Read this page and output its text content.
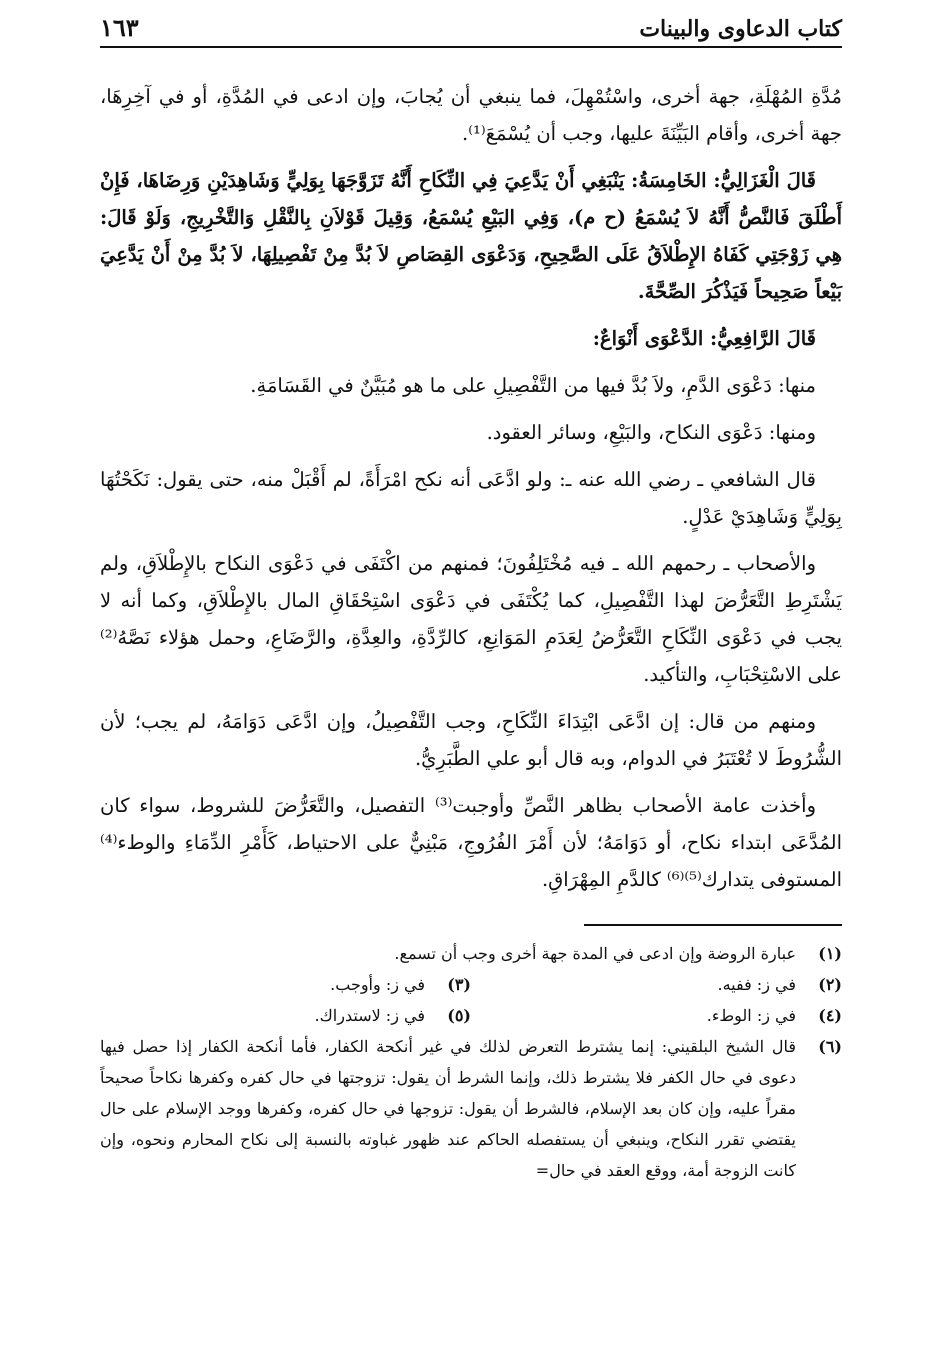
كتاب الدعاوى والبينات
١٦٣

مُدَّةِ المُهْلَةِ، جهة أخرى، واسْتُمْهِلَ، فما ينبغي أن يُجابَ، وإن ادعى في المُدَّةِ، أو في آخِرِهَا، جهة أخرى، وأقام البَيِّنَةَ عليها، وجب أن يُسْمَعَ⁽¹⁾.

قَالَ الْغَزَالِيُّ: الخَامِسَةُ: يَنْبَغِي أَنْ يَدَّعِيَ فِي النِّكَاحِ أَنَّهُ تَزَوَّجَهَا بِوَلِيٍّ وَشَاهِدَيْنِ وَرِضَاهَا، فَإِنْ أَطْلَقَ فَالنَّصُّ أَنَّهُ لاَ يُسْمَعُ (ح م)، وَفِي البَيْعِ يُسْمَعُ، وَقِيلَ قَوْلاَنِ بِالنَّقْلِ وَالتَّخْرِيجِ، وَلَوْ قَالَ: هِي زَوْجَتِي كَفَاهُ الإِطْلاَقُ عَلَى الصَّحِيحِ، وَدَعْوَى القِصَاصِ لاَ بُدَّ مِنْ تَفْصِيلِهَا، لاَ بُدَّ مِنْ أَنْ يَدَّعِيَ بَيْعاً صَحِيحاً فَيَذْكُرَ الصِّحَّةَ.

قَالَ الرَّافِعِيُّ: الدَّعْوَى أَنْوَاعٌ:

منها: دَعْوَى الدَّمِ، ولاَ بُدَّ فيها من التَّفْصِيلِ على ما هو مُبَيَّنٌ في القَسَامَةِ.

ومنها: دَعْوَى النكاح، والبَيْعِ، وسائر العقود.

قال الشافعي ـ رضي الله عنه ـ: ولو ادَّعَى أنه نكح امْرَأَةً، لم أَقْبَلْ منه، حتى يقول: نَكَحْتُهَا بِوَلِيٍّ وَشَاهِدَيْ عَدْلٍ.

والأصحاب ـ رحمهم الله ـ فيه مُخْتَلِفُونَ؛ فمنهم من اكْتَفَى في دَعْوَى النكاح بالإِطْلاَقِ، ولم يَشْتَرِطِ التَّعَرُّضَ لهذا التَّفْصِيلِ، كما يُكْتَفَى في دَعْوَى اسْتِحْقَاقِ المال بالإِطْلاَقِ، وكما أنه لا يجب في دَعْوَى النِّكَاحِ التَّعَرُّضُ لِعَدَمِ المَوَانِعِ، كالرِّدَّةِ، والعِدَّةِ، والرَّضَاعِ، وحمل هؤلاء نَصَّهُ⁽²⁾ على الاسْتِحْبَابِ، والتأكيد.

ومنهم من قال: إن ادَّعَى ابْتِدَاءَ النِّكَاحِ، وجب التَّفْصِيلُ، وإن ادَّعَى دَوَامَهُ، لم يجب؛ لأن الشُّرُوطَ لا تُعْتَبَرُ في الدوام، وبه قال أبو علي الطَّبَرِيُّ.

وأخذت عامة الأصحاب بظاهر النَّصِّ وأوجبت⁽³⁾ التفصيل، والتَّعَرُّضَ للشروط، سواء كان المُدَّعَى ابتداء نكاح، أو دَوَامَهُ؛ لأن أَمْرَ الفُرُوجِ، مَبْنِيٌّ على الاحتياط، كَأَمْرِ الدِّمَاءِ والوطء⁽⁴⁾ المستوفى يتدارك⁽⁵⁾⁽⁶⁾ كالدَّمِ المِهْرَاقِ.

(١)
عبارة الروضة وإن ادعى في المدة جهة أخرى وجب أن تسمع.
(٢)
في ز: ففيه.
(٣)
في ز: وأوجب.
(٤)
في ز: الوطء.
(٥)
في ز: لاستدراك.
(٦)
قال الشيخ البلقيني: إنما يشترط التعرض لذلك في غير أنكحة الكفار، فأما أنكحة الكفار إذا حصل فيها دعوى في حال الكفر فلا يشترط ذلك، وإنما الشرط أن يقول: تزوجتها في حال كفره وكفرها نكاحاً صحيحاً مقراً عليه، وإن كان بعد الإسلام، فالشرط أن يقول: تزوجها في حال كفره، وكفرها ووجد الإسلام على حال يقتضي تقرر النكاح، وينبغي أن يستفصله الحاكم عند ظهور غباوته بالنسبة إلى نكاح المحارم ونحوه، وإن كانت الزوجة أمة، ووقع العقد في حال=
